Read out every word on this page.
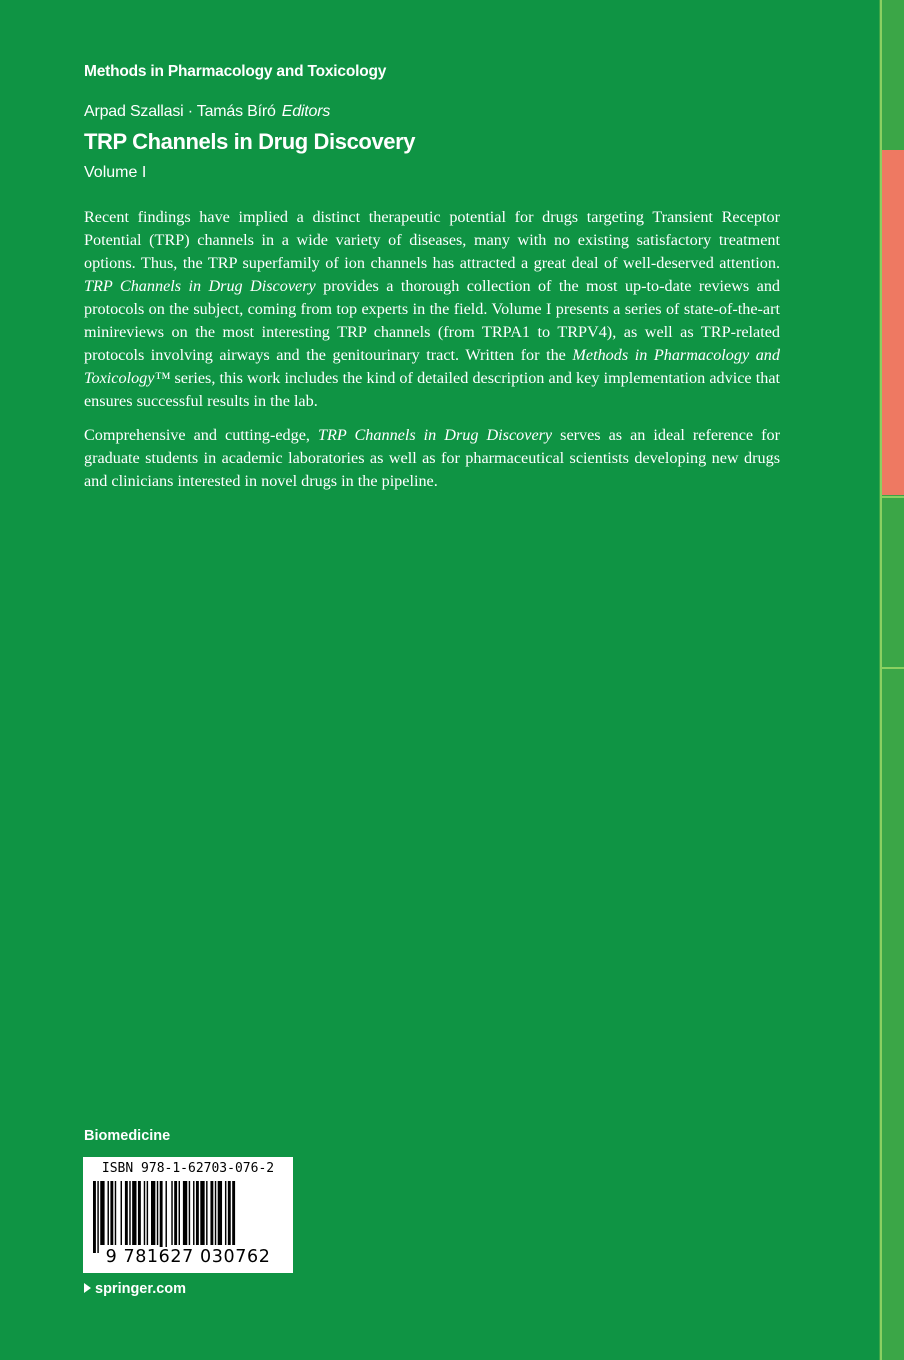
Methods in Pharmacology and Toxicology
Arpad Szallasi · Tamás Bíró Editors
TRP Channels in Drug Discovery
Volume I

Recent findings have implied a distinct therapeutic potential for drugs targeting Transient Receptor Potential (TRP) channels in a wide variety of diseases, many with no existing satisfactory treatment options. Thus, the TRP superfamily of ion channels has attracted a great deal of well-deserved attention. TRP Channels in Drug Discovery provides a thorough collection of the most up-to-date reviews and protocols on the subject, coming from top experts in the field. Volume I presents a series of state-of-the-art minireviews on the most interesting TRP channels (from TRPA1 to TRPV4), as well as TRP-related protocols involving airways and the genitourinary tract. Written for the Methods in Pharmacology and Toxicology™ series, this work includes the kind of detailed description and key implementation advice that ensures successful results in the lab.

Comprehensive and cutting-edge, TRP Channels in Drug Discovery serves as an ideal reference for graduate students in academic laboratories as well as for pharmaceutical scientists developing new drugs and clinicians interested in novel drugs in the pipeline.

Biomedicine
ISBN 978-1-62703-076-2
9 781627 030762
springer.com
